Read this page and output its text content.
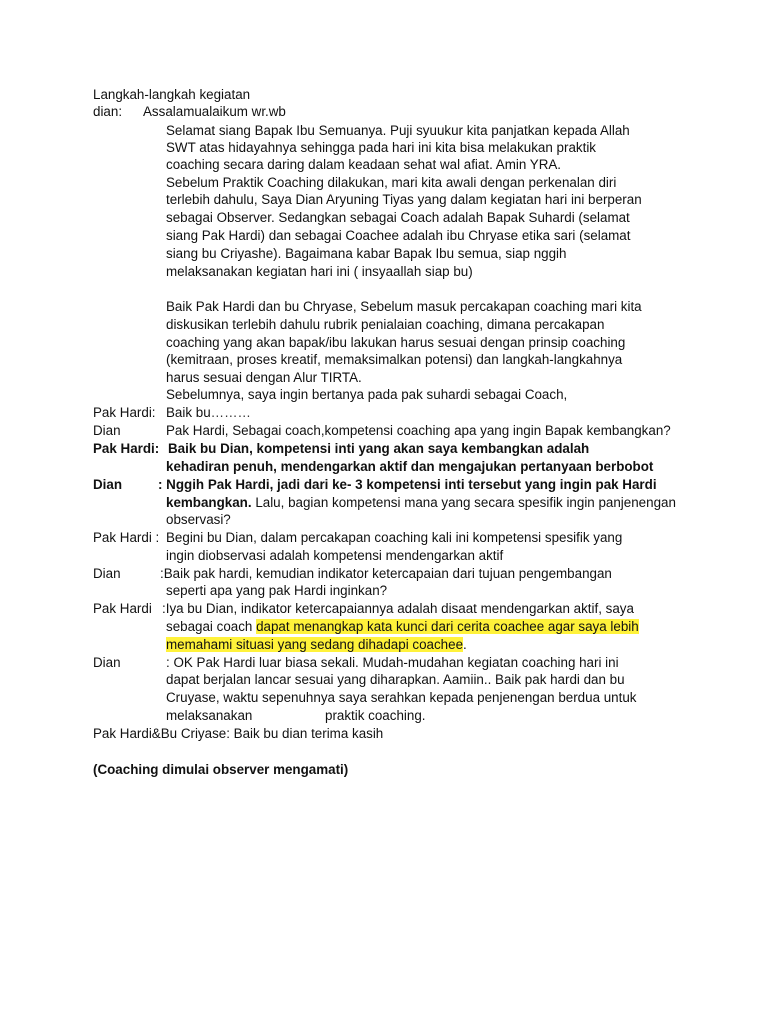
Langkah-langkah kegiatan
dian: Assalamualaikum wr.wb
Selamat siang Bapak Ibu Semuanya. Puji syuukur kita panjatkan kepada Allah
SWT atas hidayahnya sehingga pada hari ini kita bisa melakukan praktik
coaching secara daring dalam keadaan sehat wal afiat. Amin YRA.
Sebelum Praktik Coaching dilakukan, mari kita awali dengan perkenalan diri
terlebih dahulu, Saya Dian Aryuning Tiyas yang dalam kegiatan hari ini berperan
sebagai Observer. Sedangkan sebagai Coach adalah Bapak Suhardi (selamat
siang Pak Hardi) dan sebagai Coachee adalah ibu Chryase etika sari (selamat
siang bu Criyashe). Bagaimana kabar Bapak Ibu semua, siap nggih
melaksanakan kegiatan hari ini ( insyaallah siap bu)
Baik Pak Hardi dan bu Chryase, Sebelum masuk percakapan coaching mari kita
diskusikan terlebih dahulu rubrik penialaian coaching, dimana percakapan
coaching yang akan bapak/ibu lakukan harus sesuai dengan prinsip coaching
(kemitraan, proses kreatif, memaksimalkan potensi) dan langkah-langkahnya
harus sesuai dengan Alur TIRTA.
Sebelumnya, saya ingin bertanya pada pak suhardi sebagai Coach,
Pak Hardi: Baik bu………
Dian	Pak Hardi, Sebagai coach,kompetensi coaching apa yang ingin Bapak kembangkan?
Pak Hardi: Baik bu Dian, kompetensi inti yang akan saya kembangkan adalah
kehadiran penuh, mendengarkan aktif dan mengajukan pertanyaan berbobot
Dian	: Nggih Pak Hardi, jadi dari ke- 3 kompetensi inti tersebut yang ingin pak Hardi
kembangkan. Lalu, bagian kompetensi mana yang secara spesifik ingin panjenengan
observasi?
Pak Hardi : Begini bu Dian, dalam percakapan coaching kali ini kompetensi spesifik yang
ingin diobservasi adalah kompetensi mendengarkan aktif
Dian	:Baik pak hardi, kemudian indikator ketercapaian dari tujuan pengembangan
seperti apa yang pak Hardi inginkan?
Pak Hardi :Iya bu Dian, indikator ketercapaiannya adalah disaat mendengarkan aktif, saya
sebagai coach dapat menangkap kata kunci dari cerita coachee agar saya lebih
memahami situasi yang sedang dihadapi coachee.
Dian	: OK Pak Hardi luar biasa sekali. Mudah-mudahan kegiatan coaching hari ini
dapat berjalan lancar sesuai yang diharapkan. Aamiin.. Baik pak hardi dan bu
Cruyase, waktu sepenuhnya saya serahkan kepada penjenengan berdua untuk
melaksanakan	praktik coaching.
Pak Hardi&Bu Criyase: Baik bu dian terima kasih
(Coaching dimulai observer mengamati)
